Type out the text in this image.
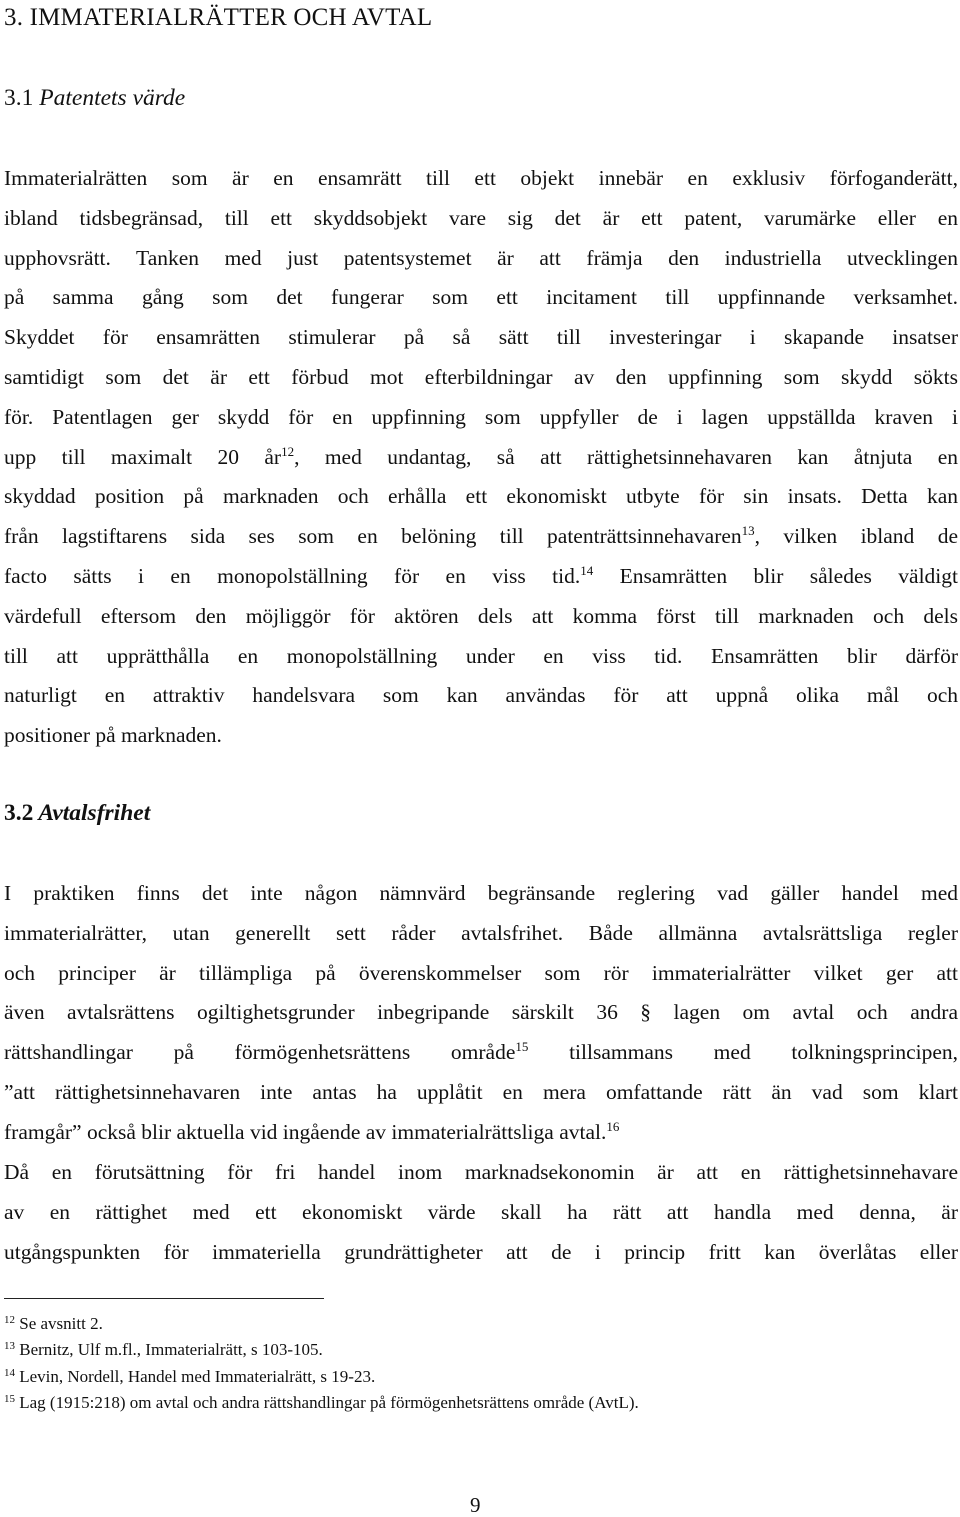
3. IMMATERIALRÄTTER OCH AVTAL
3.1 Patentets värde

Immaterialrätten som är en ensamrätt till ett objekt innebär en exklusiv förfoganderätt,
ibland tidsbegränsad, till ett skyddsobjekt vare sig det är ett patent, varumärke eller en
upphovsrätt. Tanken med just patentsystemet är att främja den industriella utvecklingen
på samma gång som det fungerar som ett incitament till uppfinnande verksamhet.
Skyddet för ensamrätten stimulerar på så sätt till investeringar i skapande insatser
samtidigt som det är ett förbud mot efterbildningar av den uppfinning som skydd sökts
för. Patentlagen ger skydd för en uppfinning som uppfyller de i lagen uppställda kraven i
upp till maximalt 20 $år^{12}$, med undantag, så att rättighetsinnehavaren kan åtnjuta en
skyddad position på marknaden och erhålla ett ekonomiskt utbyte för sin insats. Detta kan
från lagstiftarens sida ses som en belöning till patenträttsinnehavaren$^{13}$, vilken ibland de
facto sätts i en monopolställning för en viss tid.$^{14}$ Ensamrätten blir således väldigt
värdefull eftersom den möjliggör för aktören dels att komma först till marknaden och dels
till att upprätthålla en monopolställning under en viss tid. Ensamrätten blir därför
naturligt en attraktiv handelsvara som kan användas för att uppnå olika mål och
positioner på marknaden.

3.2 Avtalsfrihet

I praktiken finns det inte någon nämnvärd begränsande reglering vad gäller handel med
immaterialrätter, utan generellt sett råder avtalsfrihet. Både allmänna avtalsrättsliga regler
och principer är tillämpliga på överenskommelser som rör immaterialrätter vilket ger att
även avtalsrättens ogiltighetsgrunder inbegripande särskilt 36 § lagen om avtal och andra
rättshandlingar på förmögenhetsrättens område$^{15}$ tillsammans med tolkningsprincipen,
”att rättighetsinnehavaren inte antas ha upplåtit en mera omfattande rätt än vad som klart
framgår” också blir aktuella vid ingående av immaterialrättsliga avtal.$^{16}$

Då en förutsättning för fri handel inom marknadsekonomin är att en rättighetsinnehavare
av en rättighet med ett ekonomiskt värde skall ha rätt att handla med denna, är
utgångspunkten för immateriella grundrättigheter att de i princip fritt kan överlåtas eller

$^{12}$ Se avsnitt 2.
$^{13}$ Bernitz, Ulf m.fl., Immaterialrätt, s 103-105.
$^{14}$ Levin, Nordell, Handel med Immaterialrätt, s 19-23.
$^{15}$ Lag (1915:218) om avtal och andra rättshandlingar på förmögenhetsrättens område (AvtL).
9
